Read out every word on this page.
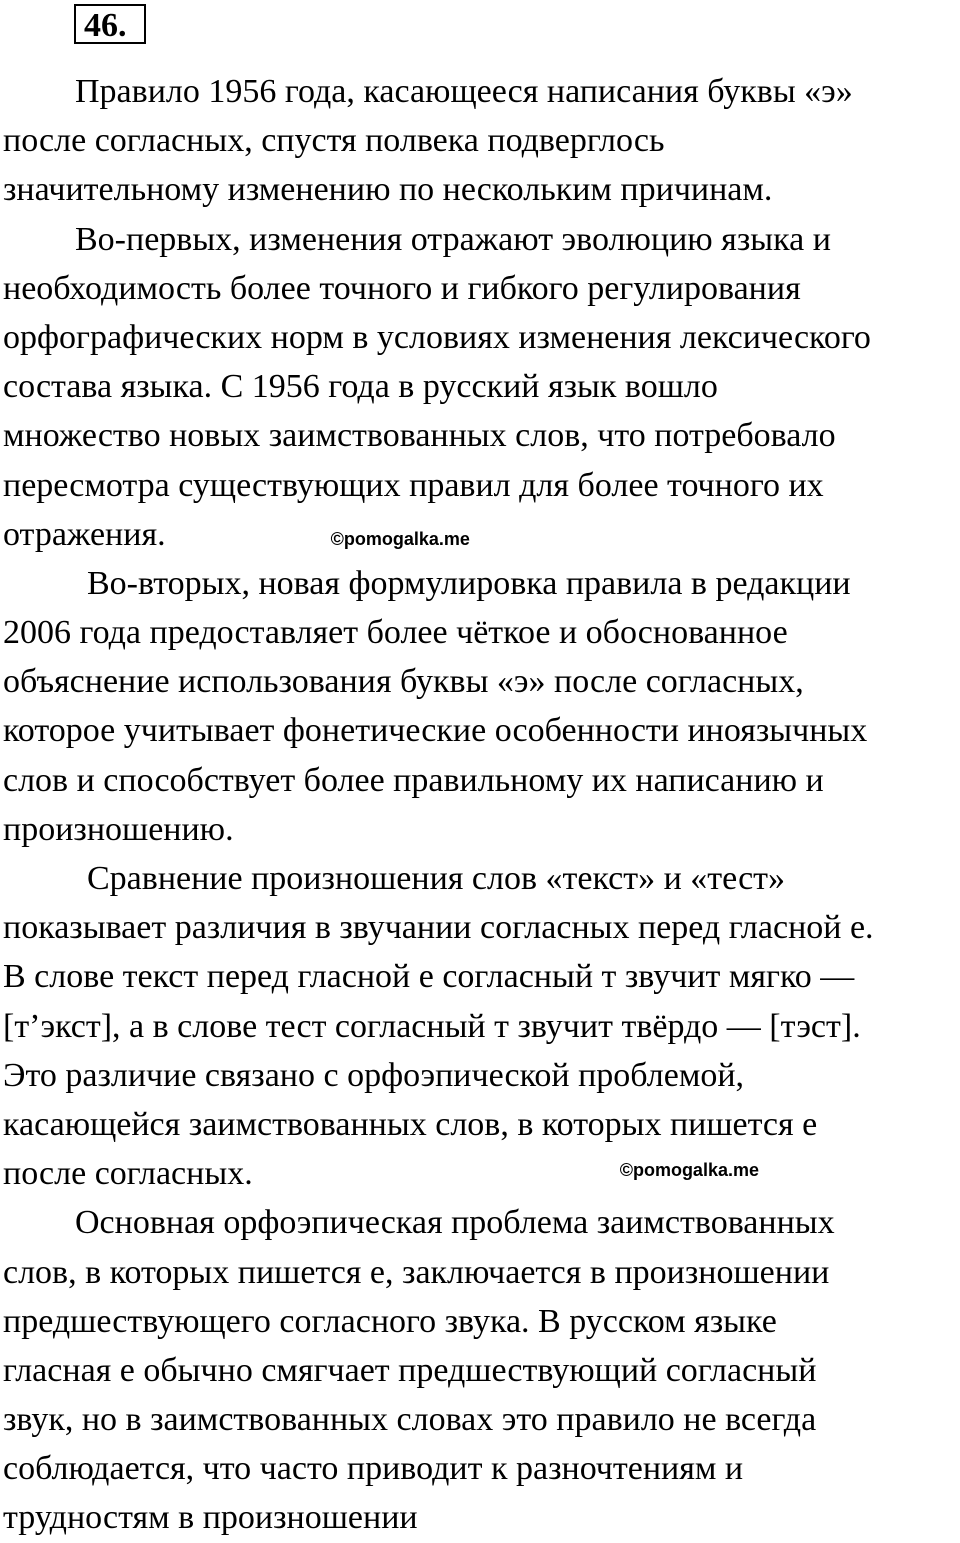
46.

Правило 1956 года, касающееся написания буквы «э»
после согласных, спустя полвека подверглось
значительному изменению по нескольким причинам.

Во-первых, изменения отражают эволюцию языка и
необходимость более точного и гибкого регулирования
орфографических норм в условиях изменения лексического
состава языка. С 1956 года в русский язык вошло
множество новых заимствованных слов, что потребовало
пересмотра существующих правил для более точного их
отражения.	©pomogalka.me

Во-вторых, новая формулировка правила в редакции
2006 года предоставляет более чёткое и обоснованное
объяснение использования буквы «э» после согласных,
которое учитывает фонетические особенности иноязычных
слов и способствует более правильному их написанию и
произношению.

Сравнение произношения слов «текст» и «тест»
показывает различия в звучании согласных перед гласной е.
В слове текст перед гласной е согласный т звучит мягко —
[т’экст], а в слове тест согласный т звучит твёрдо — [тэст].
Это различие связано с орфоэпической проблемой,
касающейся заимствованных слов, в которых пишется е
после согласных.	©pomogalka.me

Основная орфоэпическая проблема заимствованных
слов, в которых пишется е, заключается в произношении
предшествующего согласного звука. В русском языке
гласная е обычно смягчает предшествующий согласный
звук, но в заимствованных словах это правило не всегда
соблюдается, что часто приводит к разночтениям и
трудностям в произношении
